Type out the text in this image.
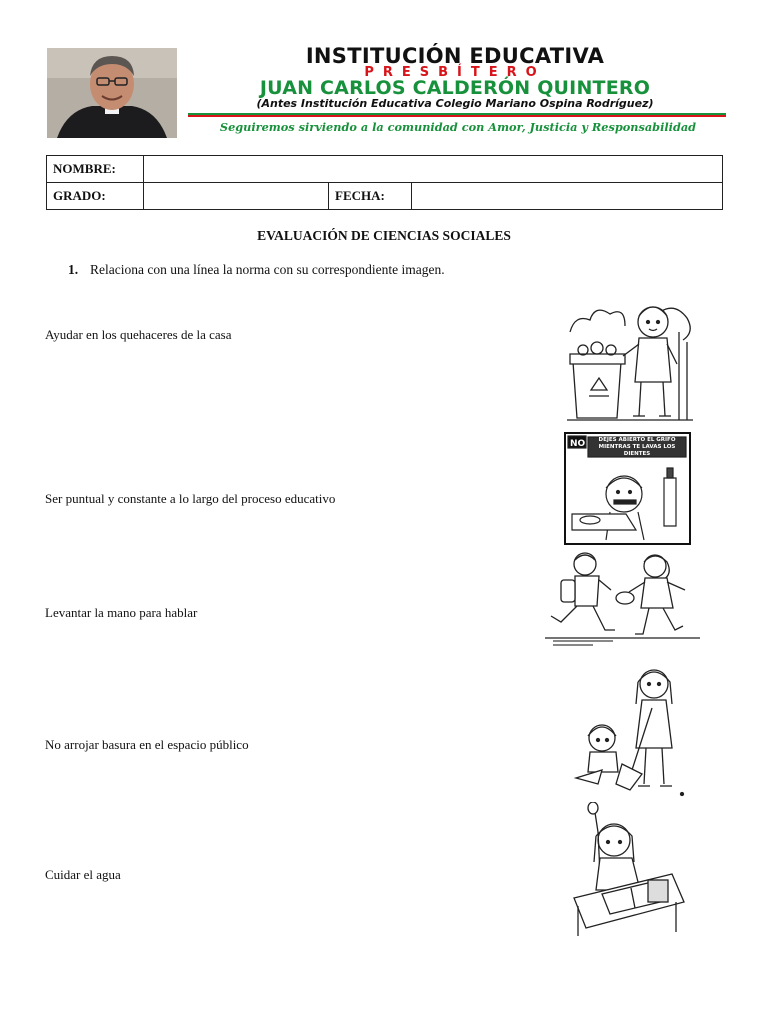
INSTITUCIÓN EDUCATIVA
PRESBÍTERO
JUAN CARLOS CALDERÓN QUINTERO
(Antes Institución Educativa Colegio Mariano Ospina Rodríguez)
Seguiremos sirviendo a la comunidad con Amor, Justicia y Responsabilidad
NOMBRE:			
GRADO:		FECHA:	
EVALUACIÓN DE CIENCIAS SOCIALES
1. Relaciona con una línea la norma con su correspondiente imagen.
Ayudar en los quehaceres de la casa
Ser puntual y constante a lo largo del proceso educativo
Levantar la mano para hablar
No arrojar basura en el espacio público
Cuidar el agua
NO	DEJES ABIERTO EL GRIFO MIENTRAS TE LAVAS LOS DIENTES
